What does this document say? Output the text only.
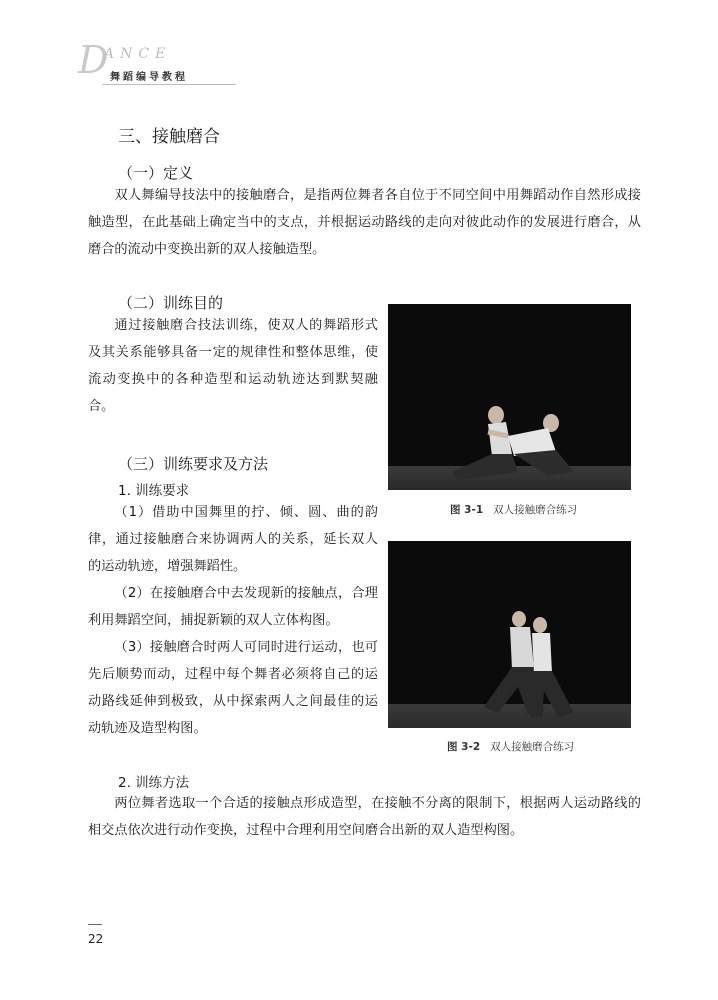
D
ANCE
舞蹈编导教程
三、接触磨合
（一）定义

双人舞编导技法中的接触磨合，是指两位舞者各自位于不同空间中用舞蹈动作自然形成接触造型，在此基础上确定当中的支点，并根据运动路线的走向对彼此动作的发展进行磨合，从磨合的流动中变换出新的双人接触造型。

（二）训练目的

通过接触磨合技法训练，使双人的舞蹈形式及其关系能够具备一定的规律性和整体思维，使流动变换中的各种造型和运动轨迹达到默契融合。

（三）训练要求及方法
1. 训练要求

（1）借助中国舞里的拧、倾、圆、曲的韵律，通过接触磨合来协调两人的关系，延长双人的运动轨迹，增强舞蹈性。

（2）在接触磨合中去发现新的接触点，合理利用舞蹈空间，捕捉新颖的双人立体构图。

（3）接触磨合时两人可同时进行运动，也可先后顺势而动，过程中每个舞者必须将自己的运动路线延伸到极致，从中探索两人之间最佳的运动轨迹及造型构图。

2. 训练方法

两位舞者选取一个合适的接触点形成造型，在接触不分离的限制下，根据两人运动路线的相交点依次进行动作变换，过程中合理利用空间磨合出新的双人造型构图。

图 3-1 双人接触磨合练习
图 3-2 双人接触磨合练习
22
